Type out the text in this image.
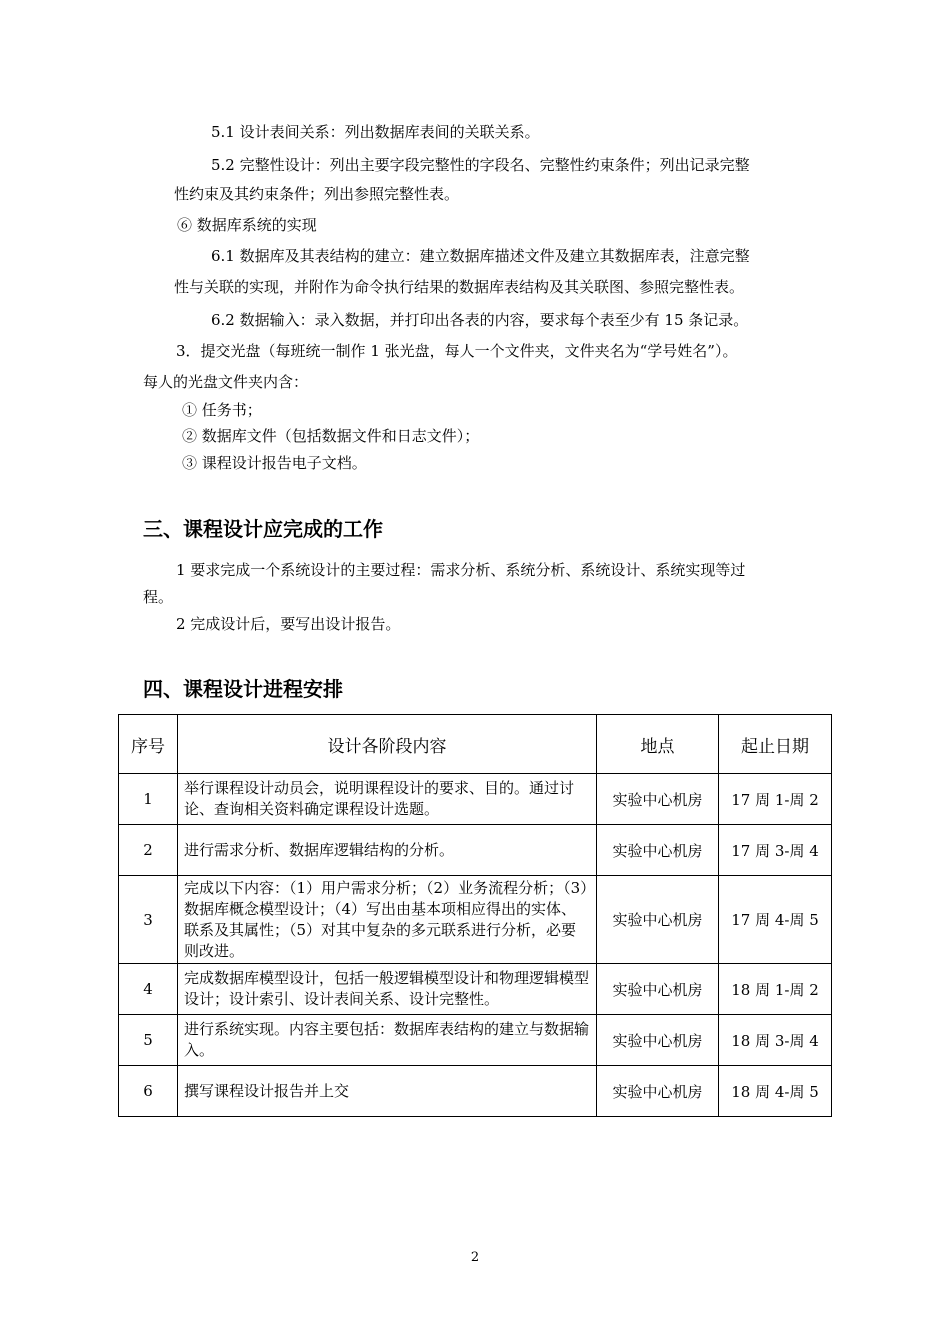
5.1 设计表间关系：列出数据库表间的关联关系。
5.2 完整性设计：列出主要字段完整性的字段名、完整性约束条件；列出记录完整
性约束及其约束条件；列出参照完整性表。
⑥ 数据库系统的实现
6.1 数据库及其表结构的建立：建立数据库描述文件及建立其数据库表，注意完整
性与关联的实现，并附作为命令执行结果的数据库表结构及其关联图、参照完整性表。
6.2 数据输入：录入数据，并打印出各表的内容，要求每个表至少有 15 条记录。
3．提交光盘（每班统一制作 1 张光盘，每人一个文件夹，文件夹名为“学号姓名”）。
每人的光盘文件夹内含：
① 任务书；
② 数据库文件（包括数据文件和日志文件）；
③ 课程设计报告电子文档。
三、课程设计应完成的工作
1 要求完成一个系统设计的主要过程：需求分析、系统分析、系统设计、系统实现等过
程。
2 完成设计后，要写出设计报告。
四、课程设计进程安排
序号	设计各阶段内容	地点	起止日期
1	举行课程设计动员会，说明课程设计的要求、目的。通过讨论、查询相关资料确定课程设计选题。	实验中心机房	17 周 1-周 2
2	进行需求分析、数据库逻辑结构的分析。	实验中心机房	17 周 3-周 4
3	完成以下内容：（1）用户需求分析；（2）业务流程分析；（3）数据库概念模型设计；（4）写出由基本项相应得出的实体、联系及其属性；（5）对其中复杂的多元联系进行分析，必要则改进。	实验中心机房	17 周 4-周 5
4	完成数据库模型设计，包括一般逻辑模型设计和物理逻辑模型设计；设计索引、设计表间关系、设计完整性。	实验中心机房	18 周 1-周 2
5	进行系统实现。内容主要包括：数据库表结构的建立与数据输入。	实验中心机房	18 周 3-周 4
6	撰写课程设计报告并上交	实验中心机房	18 周 4-周 5
2
